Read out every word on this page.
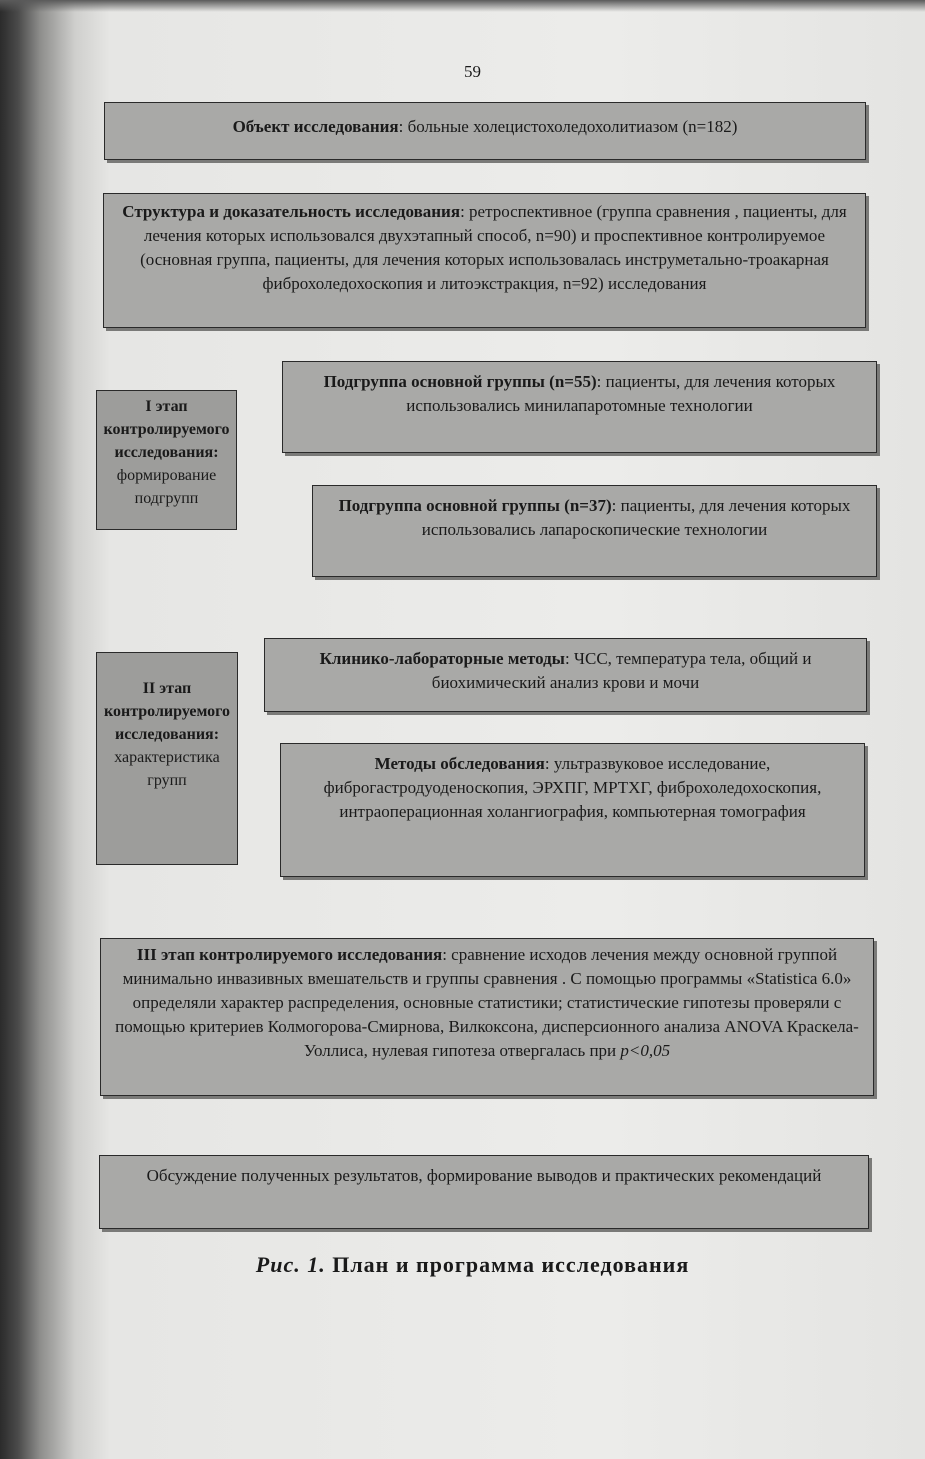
59
Объект исследования: больные холецистохоледохолитиазом (n=182)
Структура и доказательность исследования: ретроспективное (группа сравнения , пациенты, для лечения которых использовался двухэтапный способ, n=90) и проспективное контролируемое (основная группа, пациенты, для лечения которых использовалась инструметально-троакарная фиброхоледохоскопия и литоэкстракция, n=92) исследования
I этап
контролируемого
исследования:
формирование подгрупп
Подгруппа основной группы (n=55): пациенты, для лечения которых использовались минилапаротомные технологии
Подгруппа основной группы (n=37): пациенты, для лечения которых использовались лапароскопические технологии
II этап
контролируемого
исследования:
характеристика групп
Клинико-лабораторные методы: ЧСС, температура тела, общий и биохимический анализ крови и мочи
Методы обследования: ультразвуковое исследование, фиброгастродуоденоскопия, ЭРХПГ, МРТХГ, фиброхоледохоскопия, интраоперационная холангиография, компьютерная томография
III этап контролируемого исследования: сравнение исходов лечения между основной группой минимально инвазивных вмешательств и группы сравнения . С помощью программы «Statistica 6.0» определяли характер распределения, основные статистики; статистические гипотезы проверяли с помощью критериев Колмогорова-Смирнова, Вилкоксона, дисперсионного анализа ANOVA Краскела-Уоллиса, нулевая гипотеза отвергалась при p<0,05
Обсуждение полученных результатов, формирование выводов и практических рекомендаций
Рис. 1. План и программа исследования
